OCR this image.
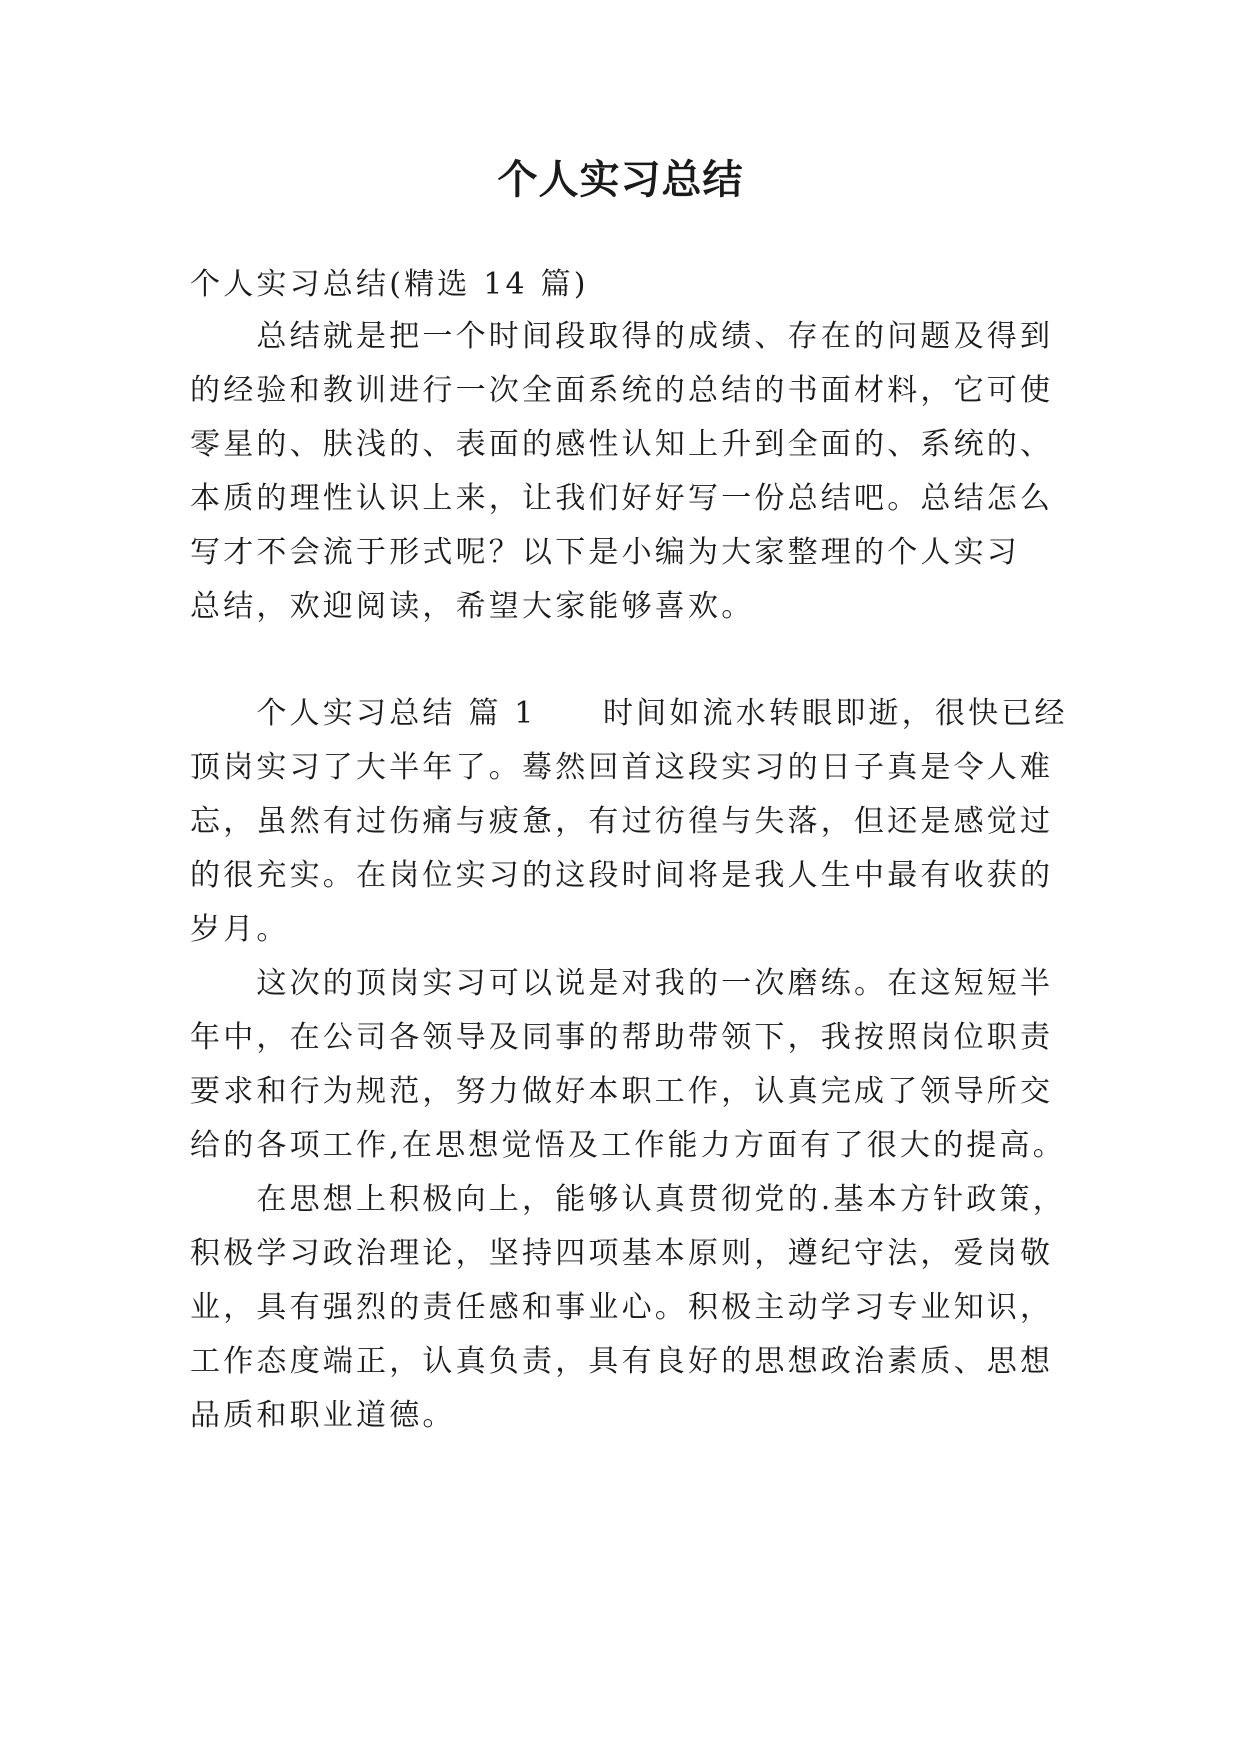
个人实习总结
个人实习总结(精选 14 篇)
　　总结就是把一个时间段取得的成绩、存在的问题及得到
的经验和教训进行一次全面系统的总结的书面材料，它可使
零星的、肤浅的、表面的感性认知上升到全面的、系统的、
本质的理性认识上来，让我们好好写一份总结吧。总结怎么
写才不会流于形式呢？以下是小编为大家整理的个人实习
总结，欢迎阅读，希望大家能够喜欢。
　　个人实习总结 篇 1　　时间如流水转眼即逝，很快已经
顶岗实习了大半年了。蓦然回首这段实习的日子真是令人难
忘，虽然有过伤痛与疲惫，有过彷徨与失落，但还是感觉过
的很充实。在岗位实习的这段时间将是我人生中最有收获的
岁月。
　　这次的顶岗实习可以说是对我的一次磨练。在这短短半
年中，在公司各领导及同事的帮助带领下，我按照岗位职责
要求和行为规范，努力做好本职工作，认真完成了领导所交
给的各项工作,在思想觉悟及工作能力方面有了很大的提高。
　　在思想上积极向上，能够认真贯彻党的.基本方针政策，
积极学习政治理论，坚持四项基本原则，遵纪守法，爱岗敬
业，具有强烈的责任感和事业心。积极主动学习专业知识，
工作态度端正，认真负责，具有良好的思想政治素质、思想
品质和职业道德。
